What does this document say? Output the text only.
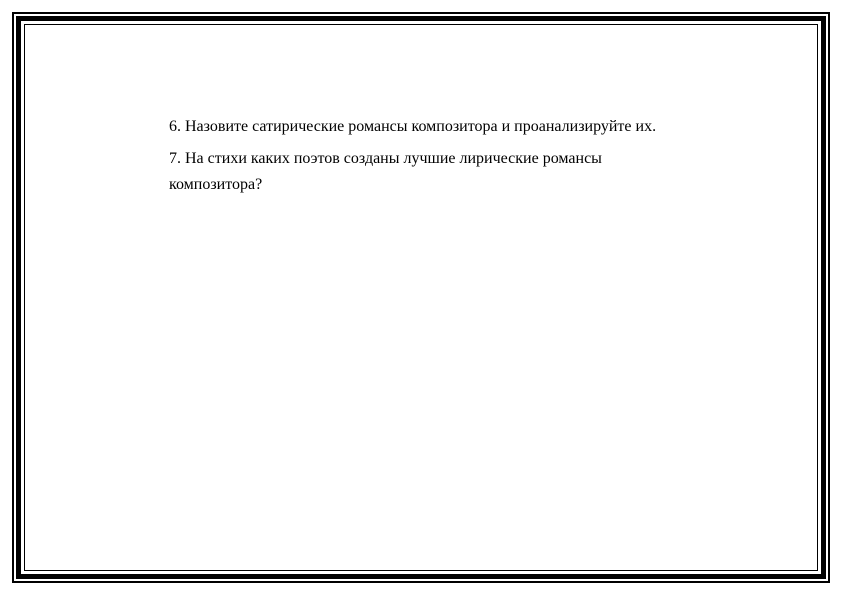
6. Назовите сатирические романсы композитора и проанализируйте их.

7. На стихи каких поэтов созданы лучшие лирические романсы композитора?
